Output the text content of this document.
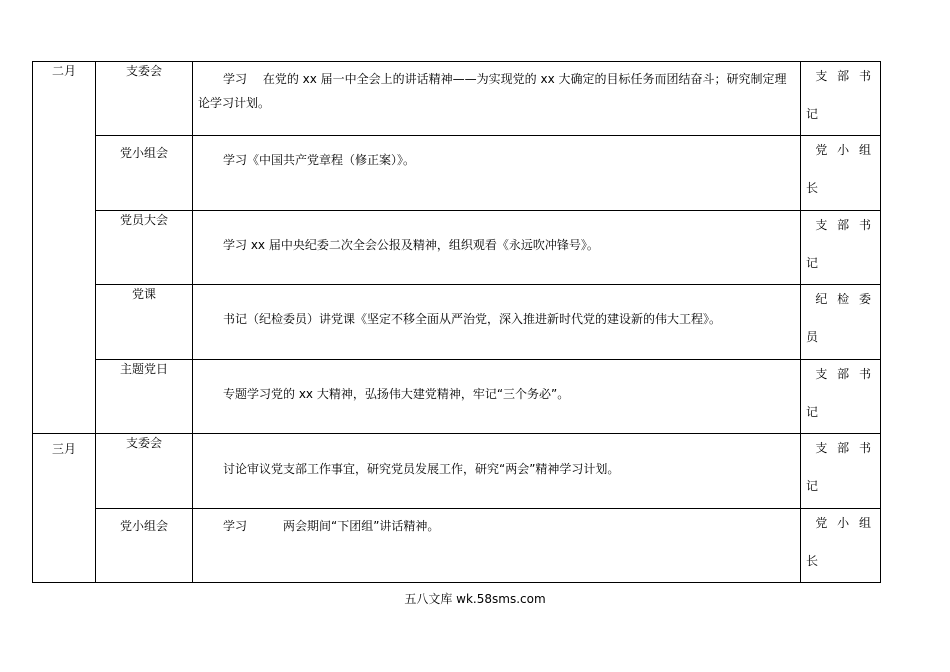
二月	支委会	学习　 在党的 xx 届一中全会上的讲话精神——为实现党的 xx 大确定的目标任务而团结奋斗；研究制定理论学习计划。	支 部 书
记

	党小组会	学习《中国共产党章程（修正案）》。	党 小 组
长

	党员大会	学习 xx 届中央纪委二次全会公报及精神，组织观看《永远吹冲锋号》。	支 部 书
记

	党课	书记（纪检委员）讲党课《坚定不移全面从严治党，深入推进新时代党的建设新的伟大工程》。	纪 检 委
员

	主题党日	专题学习党的 xx 大精神，弘扬伟大建党精神，牢记“三个务必”。	支 部 书
记

三月	支委会	讨论审议党支部工作事宜，研究党员发展工作，研究“两会”精神学习计划。	支 部 书
记

	党小组会	学习　　　两会期间“下团组”讲话精神。	党 小 组
长
五八文库 wk.58sms.com
